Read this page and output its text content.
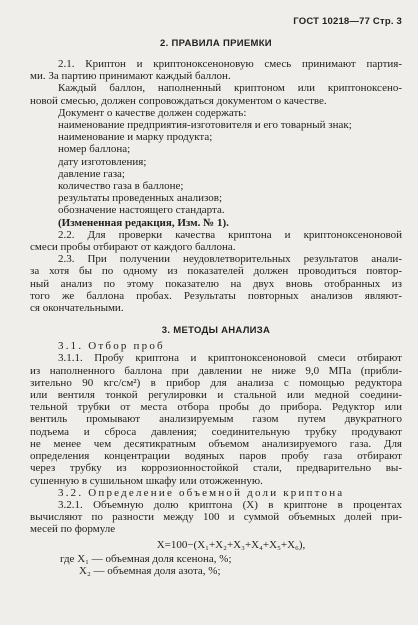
ГОСТ 10218—77 Стр. 3
2. ПРАВИЛА ПРИЕМКИ
2.1. Криптон и криптоноксеноновую смесь принимают партия-
ми. За партию принимают каждый баллон.
Каждый баллон, наполненный криптоном или криптоноксено-
новой смесью, должен сопровождаться документом о качестве.
Документ о качестве должен содержать:
наименование предприятия-изготовителя и его товарный знак;
наименование и марку продукта;
номер баллона;
дату изготовления;
давление газа;
количество газа в баллоне;
результаты проведенных анализов;
обозначение настоящего стандарта.
(Измененная редакция, Изм. № 1).
2.2. Для проверки качества криптона и криптоноксеноновой
смеси пробы отбирают от каждого баллона.
2.3. При получении неудовлетворительных результатов анали-
за хотя бы по одному из показателей должен проводиться повтор-
ный анализ по этому показателю на двух вновь отобранных из
того же баллона пробах. Результаты повторных анализов являют-
ся окончательными.
3. МЕТОДЫ АНАЛИЗА
3.1. Отбор проб
3.1.1. Пробу криптона и криптоноксеноновой смеси отбирают
из наполненного баллона при давлении не ниже 9,0 МПа (прибли-
зительно 90 кгс/см²) в прибор для анализа с помощью редуктора
или вентиля тонкой регулировки и стальной или медной соедини-
тельной трубки от места отбора пробы до прибора. Редуктор или
вентиль промывают анализируемым газом путем двукратного
подъема и сброса давления; соединительную трубку продувают
не менее чем десятикратным объемом анализируемого газа. Для
определения концентрации водяных паров пробу газа отбирают
через трубку из коррозионностойкой стали, предварительно вы-
сушенную в сушильном шкафу или отожженную.
3.2. Определение объемной доли криптона
3.2.1. Объемную долю криптона (X) в криптоне в процентах
вычисляют по разности между 100 и суммой объемных долей при-
месей по формуле
X=100−(X₁+X₂+X₃+X₄+X₅+X₆),
где X₁ — объемная доля ксенона, %;
X₂ — объемная доля азота, %;
